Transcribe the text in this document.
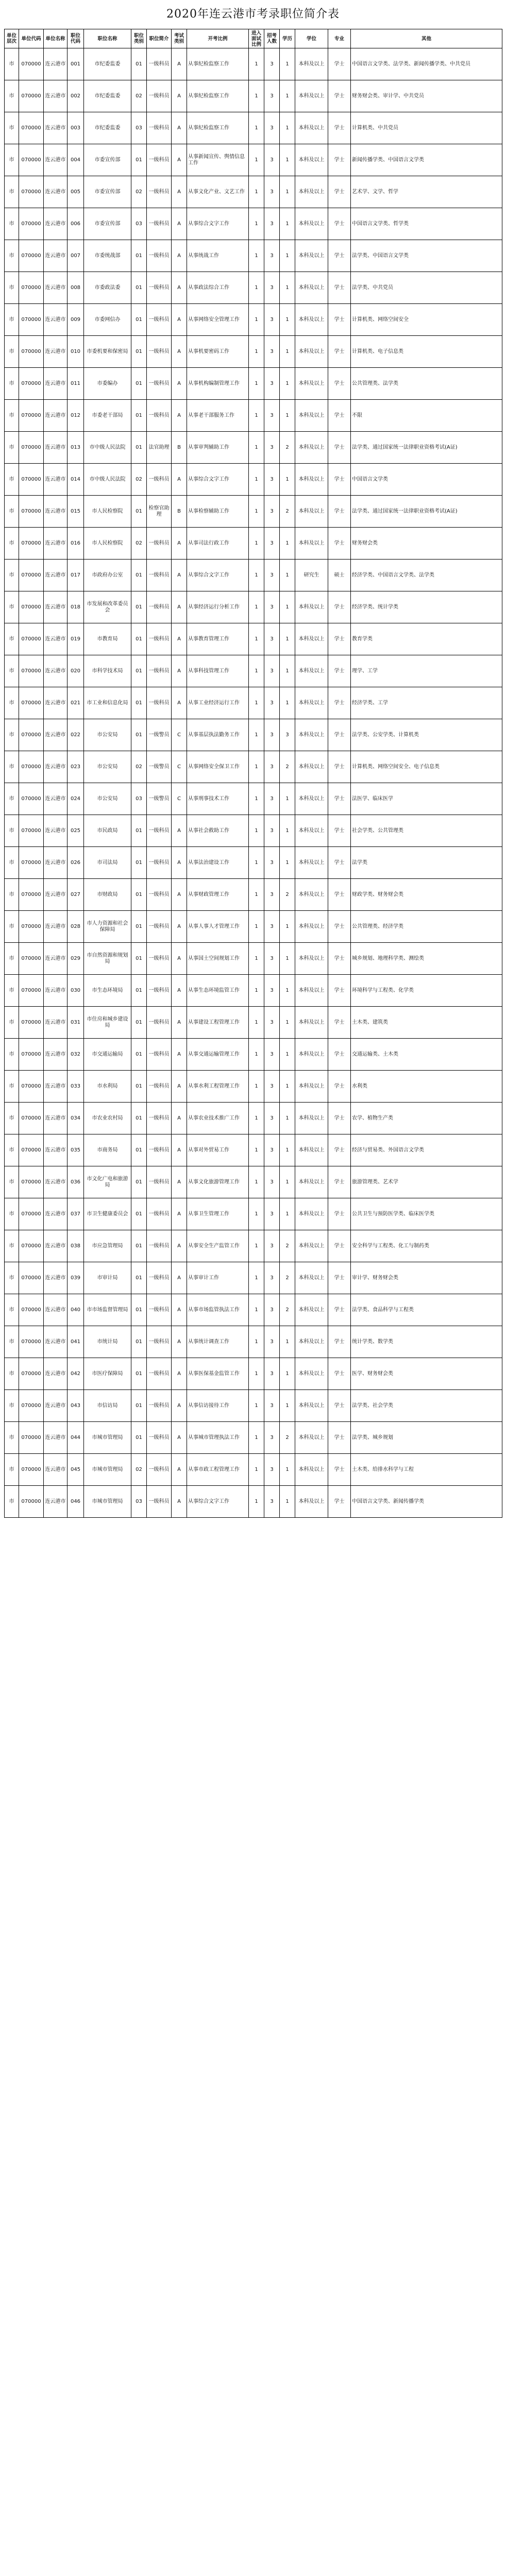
2020年连云港市考录职位简介表
单位层次	单位代码	单位名称	职位代码	职位名称	职位类别	职位简介	考试类别	开考比例	进入面试比例	招考人数	学历	学位	专业	其他
市	070000	连云港市	001	市纪委监委	01	一级科员	A	从事纪检监察工作	1	3	1	本科及以上	学士	中国语言文学类、法学类、新闻传播学类、中共党员
市	070000	连云港市	002	市纪委监委	02	一级科员	A	从事纪检监察工作	1	3	1	本科及以上	学士	财务财会类、审计学、中共党员
市	070000	连云港市	003	市纪委监委	03	一级科员	A	从事纪检监察工作	1	3	1	本科及以上	学士	计算机类、中共党员
市	070000	连云港市	004	市委宣传部	01	一级科员	A	从事新闻宣传、舆情信息工作	1	3	1	本科及以上	学士	新闻传播学类、中国语言文学类
市	070000	连云港市	005	市委宣传部	02	一级科员	A	从事文化产业、文艺工作	1	3	1	本科及以上	学士	艺术学、文学、哲学
市	070000	连云港市	006	市委宣传部	03	一级科员	A	从事综合文字工作	1	3	1	本科及以上	学士	中国语言文学类、哲学类
市	070000	连云港市	007	市委统战部	01	一级科员	A	从事统战工作	1	3	1	本科及以上	学士	法学类、中国语言文学类
市	070000	连云港市	008	市委政法委	01	一级科员	A	从事政法综合工作	1	3	1	本科及以上	学士	法学类、中共党员
市	070000	连云港市	009	市委网信办	01	一级科员	A	从事网络安全管理工作	1	3	1	本科及以上	学士	计算机类、网络空间安全
市	070000	连云港市	010	市委机要和保密局	01	一级科员	A	从事机要密码工作	1	3	1	本科及以上	学士	计算机类、电子信息类
市	070000	连云港市	011	市委编办	01	一级科员	A	从事机构编制管理工作	1	3	1	本科及以上	学士	公共管理类、法学类
市	070000	连云港市	012	市委老干部局	01	一级科员	A	从事老干部服务工作	1	3	1	本科及以上	学士	不限
市	070000	连云港市	013	市中级人民法院	01	法官助理	B	从事审判辅助工作	1	3	2	本科及以上	学士	法学类、通过国家统一法律职业资格考试(A证)
市	070000	连云港市	014	市中级人民法院	02	一级科员	A	从事综合文字工作	1	3	1	本科及以上	学士	中国语言文学类
市	070000	连云港市	015	市人民检察院	01	检察官助理	B	从事检察辅助工作	1	3	2	本科及以上	学士	法学类、通过国家统一法律职业资格考试(A证)
市	070000	连云港市	016	市人民检察院	02	一级科员	A	从事司法行政工作	1	3	1	本科及以上	学士	财务财会类
市	070000	连云港市	017	市政府办公室	01	一级科员	A	从事综合文字工作	1	3	1	研究生	硕士	经济学类、中国语言文学类、法学类
市	070000	连云港市	018	市发展和改革委员会	01	一级科员	A	从事经济运行分析工作	1	3	1	本科及以上	学士	经济学类、统计学类
市	070000	连云港市	019	市教育局	01	一级科员	A	从事教育管理工作	1	3	1	本科及以上	学士	教育学类
市	070000	连云港市	020	市科学技术局	01	一级科员	A	从事科技管理工作	1	3	1	本科及以上	学士	理学、工学
市	070000	连云港市	021	市工业和信息化局	01	一级科员	A	从事工业经济运行工作	1	3	1	本科及以上	学士	经济学类、工学
市	070000	连云港市	022	市公安局	01	一级警员	C	从事基层执法勤务工作	1	3	3	本科及以上	学士	法学类、公安学类、计算机类
市	070000	连云港市	023	市公安局	02	一级警员	C	从事网络安全保卫工作	1	3	2	本科及以上	学士	计算机类、网络空间安全、电子信息类
市	070000	连云港市	024	市公安局	03	一级警员	C	从事刑事技术工作	1	3	1	本科及以上	学士	法医学、临床医学
市	070000	连云港市	025	市民政局	01	一级科员	A	从事社会救助工作	1	3	1	本科及以上	学士	社会学类、公共管理类
市	070000	连云港市	026	市司法局	01	一级科员	A	从事法治建设工作	1	3	1	本科及以上	学士	法学类
市	070000	连云港市	027	市财政局	01	一级科员	A	从事财政管理工作	1	3	2	本科及以上	学士	财政学类、财务财会类
市	070000	连云港市	028	市人力资源和社会保障局	01	一级科员	A	从事人事人才管理工作	1	3	1	本科及以上	学士	公共管理类、经济学类
市	070000	连云港市	029	市自然资源和规划局	01	一级科员	A	从事国土空间规划工作	1	3	1	本科及以上	学士	城乡规划、地理科学类、测绘类
市	070000	连云港市	030	市生态环境局	01	一级科员	A	从事生态环境监管工作	1	3	1	本科及以上	学士	环境科学与工程类、化学类
市	070000	连云港市	031	市住房和城乡建设局	01	一级科员	A	从事建设工程管理工作	1	3	1	本科及以上	学士	土木类、建筑类
市	070000	连云港市	032	市交通运输局	01	一级科员	A	从事交通运输管理工作	1	3	1	本科及以上	学士	交通运输类、土木类
市	070000	连云港市	033	市水利局	01	一级科员	A	从事水利工程管理工作	1	3	1	本科及以上	学士	水利类
市	070000	连云港市	034	市农业农村局	01	一级科员	A	从事农业技术推广工作	1	3	1	本科及以上	学士	农学、植物生产类
市	070000	连云港市	035	市商务局	01	一级科员	A	从事对外贸易工作	1	3	1	本科及以上	学士	经济与贸易类、外国语言文学类
市	070000	连云港市	036	市文化广电和旅游局	01	一级科员	A	从事文化旅游管理工作	1	3	1	本科及以上	学士	旅游管理类、艺术学
市	070000	连云港市	037	市卫生健康委员会	01	一级科员	A	从事卫生管理工作	1	3	1	本科及以上	学士	公共卫生与预防医学类、临床医学类
市	070000	连云港市	038	市应急管理局	01	一级科员	A	从事安全生产监管工作	1	3	2	本科及以上	学士	安全科学与工程类、化工与制药类
市	070000	连云港市	039	市审计局	01	一级科员	A	从事审计工作	1	3	2	本科及以上	学士	审计学、财务财会类
市	070000	连云港市	040	市市场监督管理局	01	一级科员	A	从事市场监管执法工作	1	3	2	本科及以上	学士	法学类、食品科学与工程类
市	070000	连云港市	041	市统计局	01	一级科员	A	从事统计调查工作	1	3	1	本科及以上	学士	统计学类、数学类
市	070000	连云港市	042	市医疗保障局	01	一级科员	A	从事医保基金监管工作	1	3	1	本科及以上	学士	医学、财务财会类
市	070000	连云港市	043	市信访局	01	一级科员	A	从事信访接待工作	1	3	1	本科及以上	学士	法学类、社会学类
市	070000	连云港市	044	市城市管理局	01	一级科员	A	从事城市管理执法工作	1	3	2	本科及以上	学士	法学类、城乡规划
市	070000	连云港市	045	市城市管理局	02	一级科员	A	从事市政工程管理工作	1	3	1	本科及以上	学士	土木类、给排水科学与工程
市	070000	连云港市	046	市城市管理局	03	一级科员	A	从事综合文字工作	1	3	1	本科及以上	学士	中国语言文学类、新闻传播学类
